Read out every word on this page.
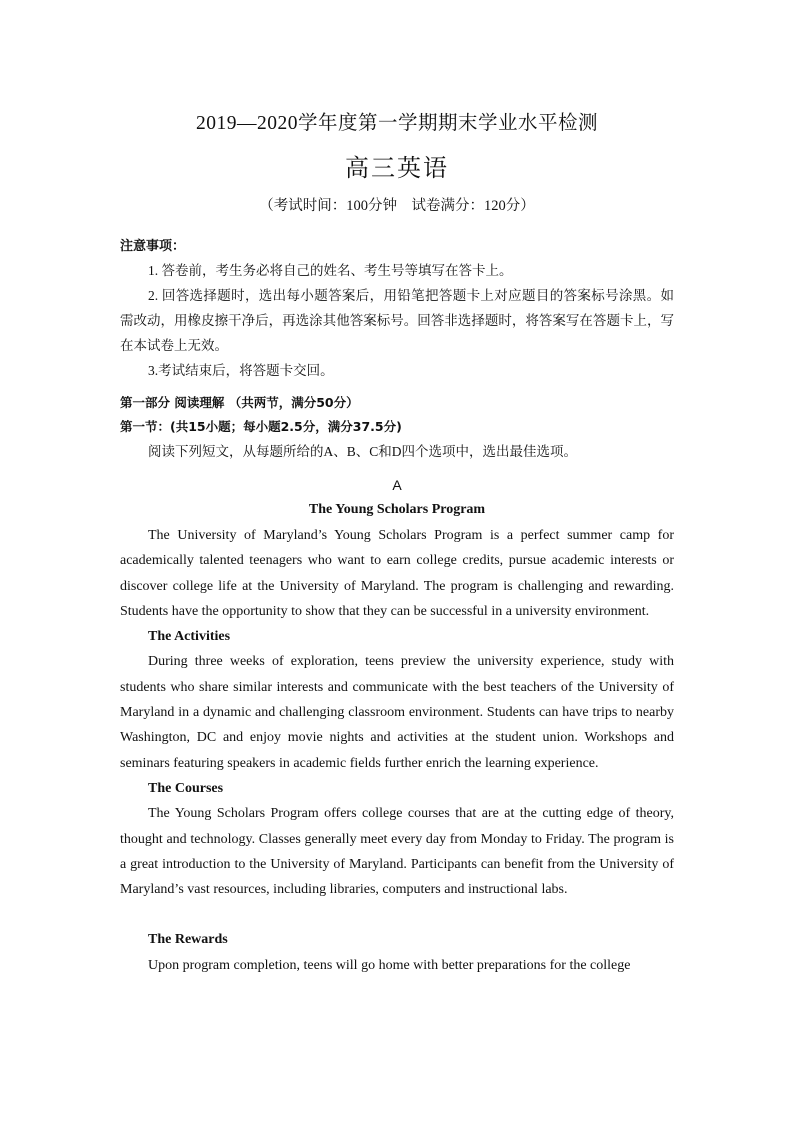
2019—2020学年度第一学期期末学业水平检测
高三英语
（考试时间：100分钟　试卷满分：120分）
注意事项：

1. 答卷前，考生务必将自己的姓名、考生号等填写在答卡上。

2. 回答选择题时，选出每小题答案后，用铅笔把答题卡上对应题目的答案标号涂黑。如需改动，用橡皮擦干净后，再选涂其他答案标号。回答非选择题时，将答案写在答题卡上，写在本试卷上无效。

3.考试结束后，将答题卡交回。

第一部分 阅读理解 （共两节，满分50分）

第一节：(共15小题；每小题2.5分，满分37.5分)

阅读下列短文，从每题所给的A、B、C和D四个选项中，选出最佳选项。

A
The Young Scholars Program

The University of Maryland’s Young Scholars Program is a perfect summer camp for academically talented teenagers who want to earn college credits, pursue academic interests or discover college life at the University of Maryland. The program is challenging and rewarding. Students have the opportunity to show that they can be successful in a university environment.

The Activities

During three weeks of exploration, teens preview the university experience, study with students who share similar interests and communicate with the best teachers of the University of Maryland in a dynamic and challenging classroom environment. Students can have trips to nearby Washington, DC and enjoy movie nights and activities at the student union. Workshops and seminars featuring speakers in academic fields further enrich the learning experience.

The Courses

The Young Scholars Program offers college courses that are at the cutting edge of theory, thought and technology. Classes generally meet every day from Monday to Friday. The program is a great introduction to the University of Maryland. Participants can benefit from the University of Maryland’s vast resources, including libraries, computers and instructional labs.

The Rewards

Upon program completion, teens will go home with better preparations for the college
